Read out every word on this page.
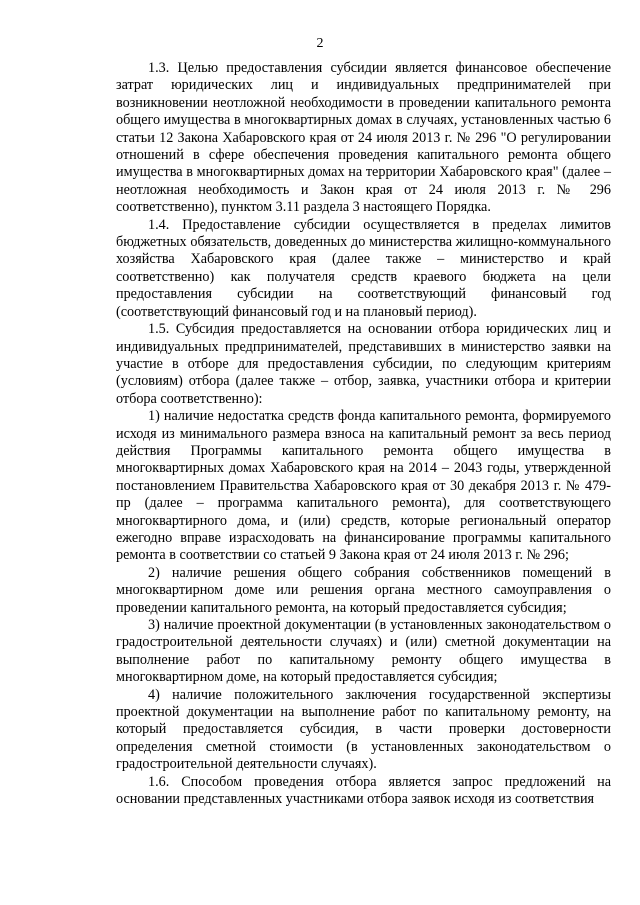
2

1.3. Целью предоставления субсидии является финансовое обеспечение затрат юридических лиц и индивидуальных предпринимателей при возникновении неотложной необходимости в проведении капитального ремонта общего имущества в многоквартирных домах в случаях, установленных частью 6 статьи 12 Закона Хабаровского края от 24 июля 2013 г. № 296 "О регулировании отношений в сфере обеспечения проведения капитального ремонта общего имущества в многоквартирных домах на территории Хабаровского края" (далее – неотложная необходимость и Закон края от 24 июля 2013 г. № 296 соответственно), пунктом 3.11 раздела 3 настоящего Порядка.

1.4. Предоставление субсидии осуществляется в пределах лимитов бюджетных обязательств, доведенных до министерства жилищно-коммунального хозяйства Хабаровского края (далее также – министерство и край соответственно) как получателя средств краевого бюджета на цели предоставления субсидии на соответствующий финансовый год (соответствующий финансовый год и на плановый период).

1.5. Субсидия предоставляется на основании отбора юридических лиц и индивидуальных предпринимателей, представивших в министерство заявки на участие в отборе для предоставления субсидии, по следующим критериям (условиям) отбора (далее также – отбор, заявка, участники отбора и критерии отбора соответственно):

1) наличие недостатка средств фонда капитального ремонта, формируемого исходя из минимального размера взноса на капитальный ремонт за весь период действия Программы капитального ремонта общего имущества в многоквартирных домах Хабаровского края на 2014 – 2043 годы, утвержденной постановлением Правительства Хабаровского края от 30 декабря 2013 г. № 479-пр (далее – программа капитального ремонта), для соответствующего многоквартирного дома, и (или) средств, которые региональный оператор ежегодно вправе израсходовать на финансирование программы капитального ремонта в соответствии со статьей 9 Закона края от 24 июля 2013 г. № 296;

2) наличие решения общего собрания собственников помещений в многоквартирном доме или решения органа местного самоуправления о проведении капитального ремонта, на который предоставляется субсидия;

3) наличие проектной документации (в установленных законодательством о градостроительной деятельности случаях) и (или) сметной документации на выполнение работ по капитальному ремонту общего имущества в многоквартирном доме, на который предоставляется субсидия;

4) наличие положительного заключения государственной экспертизы проектной документации на выполнение работ по капитальному ремонту, на который предоставляется субсидия, в части проверки достоверности определения сметной стоимости (в установленных законодательством о градостроительной деятельности случаях).

1.6. Способом проведения отбора является запрос предложений на основании представленных участниками отбора заявок исходя из соответствия
